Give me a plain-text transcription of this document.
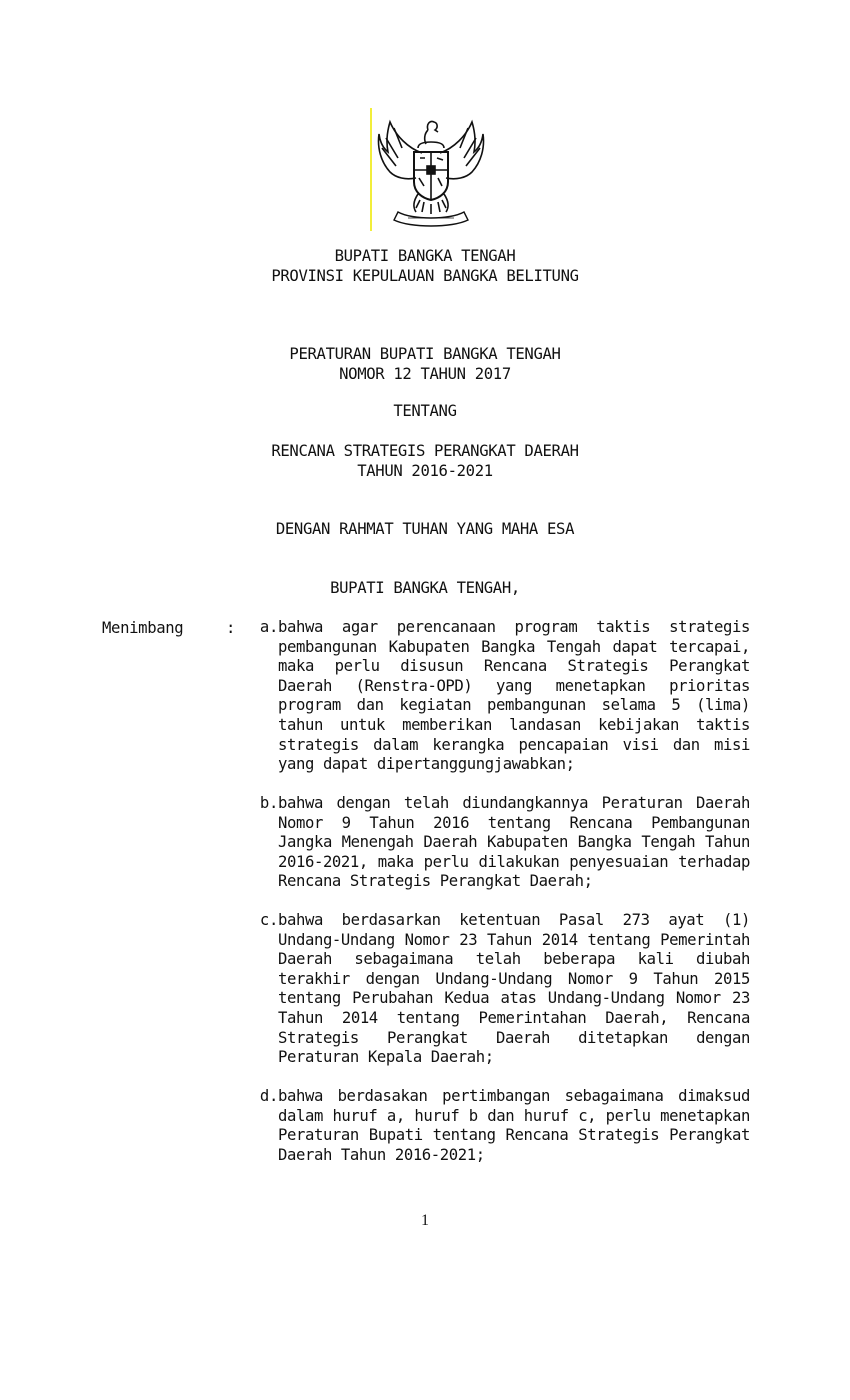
BUPATI BANGKA TENGAH
PROVINSI KEPULAUAN BANGKA BELITUNG
PERATURAN BUPATI BANGKA TENGAH
NOMOR 12 TAHUN 2017
TENTANG
RENCANA STRATEGIS PERANGKAT DAERAH
TAHUN 2016-2021
DENGAN RAHMAT TUHAN YANG MAHA ESA
BUPATI BANGKA TENGAH,
Menimbang	:	a. bahwa agar perencanaan program taktis strategis pembangunan Kabupaten Bangka Tengah dapat tercapai, maka perlu disusun Rencana Strategis Perangkat Daerah (Renstra-OPD) yang menetapkan prioritas program dan kegiatan pembangunan selama 5 (lima) tahun untuk memberikan landasan kebijakan taktis strategis dalam kerangka pencapaian visi dan misi yang dapat dipertanggungjawabkan;
b. bahwa dengan telah diundangkannya Peraturan Daerah Nomor 9 Tahun 2016 tentang Rencana Pembangunan Jangka Menengah Daerah Kabupaten Bangka Tengah Tahun 2016-2021, maka perlu dilakukan penyesuaian terhadap Rencana Strategis Perangkat Daerah;
c. bahwa berdasarkan ketentuan Pasal 273 ayat (1) Undang-Undang Nomor 23 Tahun 2014 tentang Pemerintah Daerah sebagaimana telah beberapa kali diubah terakhir dengan Undang-Undang Nomor 9 Tahun 2015 tentang Perubahan Kedua atas Undang-Undang Nomor 23 Tahun 2014 tentang Pemerintahan Daerah, Rencana Strategis Perangkat Daerah ditetapkan dengan Peraturan Kepala Daerah;
d. bahwa berdasakan pertimbangan sebagaimana dimaksud dalam huruf a, huruf b dan huruf c, perlu menetapkan Peraturan Bupati tentang Rencana Strategis Perangkat Daerah Tahun 2016-2021;
1
